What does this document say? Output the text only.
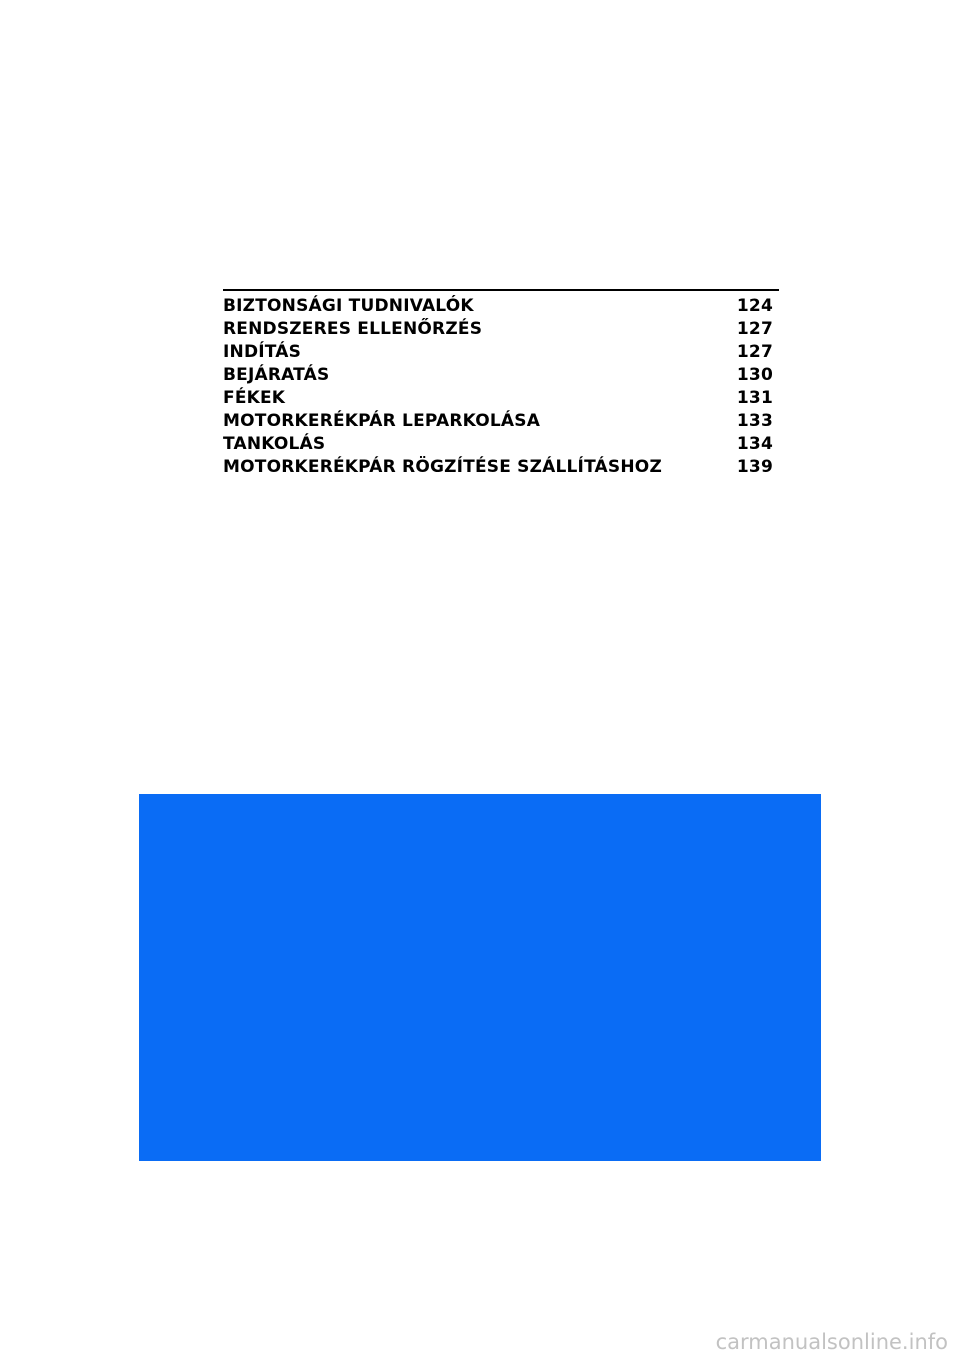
BIZTONSÁGI TUDNIVALÓK	124
RENDSZERES ELLENŐRZÉS	127
INDÍTÁS	127
BEJÁRATÁS	130
FÉKEK	131
MOTORKERÉKPÁR LEPARKOLÁSA	133
TANKOLÁS	134
MOTORKERÉKPÁR RÖGZÍTÉSE SZÁLLÍTÁSHOZ	139
carmanualsonline.info
